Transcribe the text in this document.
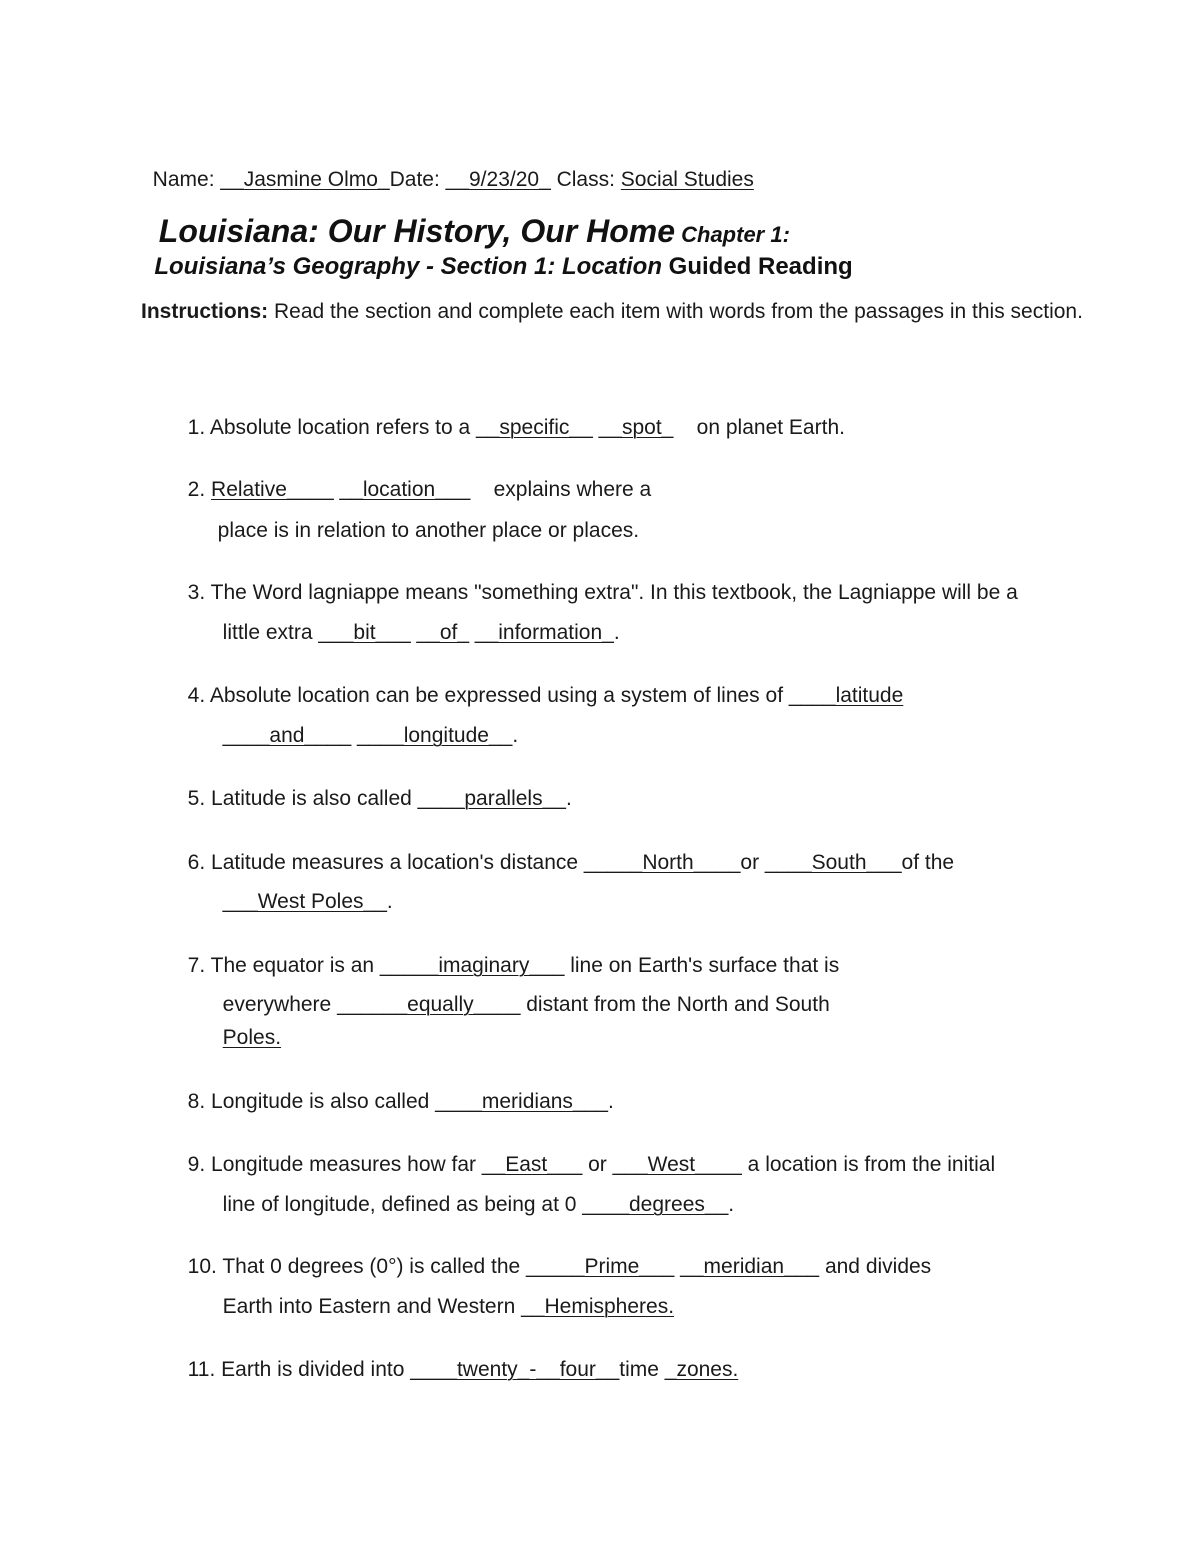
Name: __Jasmine Olmo_Date: __9/23/20_ Class: Social Studies

Louisiana: Our History, Our Home Chapter 1:

Louisiana’s Geography - Section 1: Location Guided Reading

Instructions: Read the section and complete each item with words from the passages in this section.

1. Absolute location refers to a __specific__ __spot_    on planet Earth.

2. Relative____ __location___    explains where a

place is in relation to another place or places.

3. The Word lagniappe means "something extra". In this textbook, the Lagniappe will be a

little extra ___bit___ __of_ __information_.

4. Absolute location can be expressed using a system of lines of ____latitude

____and____ ____longitude__.

5. Latitude is also called ____parallels__.

6. Latitude measures a location's distance _____North____or ____South___of the

___West Poles__.

7. The equator is an _____imaginary___ line on Earth's surface that is

everywhere ______equally____ distant from the North and South

Poles.

8. Longitude is also called ____meridians___.

9. Longitude measures how far __East___ or ___West____ a location is from the initial

line of longitude, defined as being at 0 ____degrees__.

10. That 0 degrees (0°) is called the _____Prime___ __meridian___ and divides

Earth into Eastern and Western __Hemispheres.

11. Earth is divided into ____twenty_-__four__time _zones.
